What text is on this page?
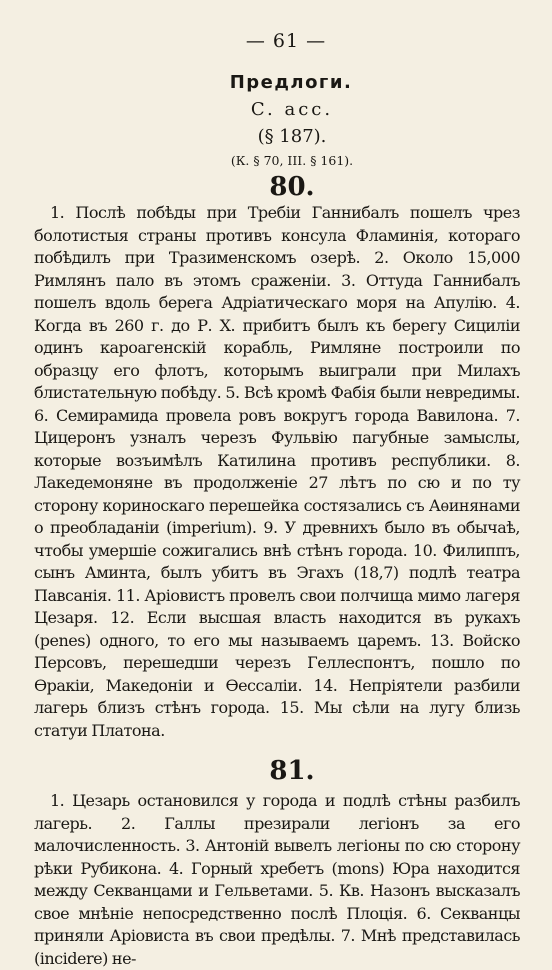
— 61 —
Предлоги.
C. acc.
(§ 187).
(К. § 70, III. § 161).
80.

1. Послѣ побѣды при Требіи Ганнибалъ пошелъ чрез болотистыя страны противъ консула Фламинія, котораго побѣдилъ при Тразименскомъ озерѣ. 2. Около 15,000 Римлянъ пало въ этомъ сраженіи. 3. Оттуда Ганнибалъ пошелъ вдоль берега Адріатическаго моря на Апулію. 4. Когда въ 260 г. до Р. Х. прибитъ былъ къ берегу Сициліи одинъ кароагенскій корабль, Римляне построили по образцу его флотъ, которымъ выиграли при Милахъ блистательную побѣду. 5. Всѣ кромѣ Фабія были невредимы. 6. Семирамида провела ровъ вокругъ города Вавилона. 7. Цицеронъ узналъ черезъ Фульвію пагубные замыслы, которые возъимѣлъ Катилина противъ республики. 8. Лакедемоняне въ продолженіе 27 лѣтъ по сю и по ту сторону кориноскаго перешейка состязались съ Аѳинянами о преобладаніи (imperium). 9. У древнихъ было въ обычаѣ, чтобы умершіе сожигались внѣ стѣнъ города. 10. Филиппъ, сынъ Аминта, былъ убитъ въ Эгахъ (18,7) подлѣ театра Павсанія. 11. Аріовистъ провелъ свои полчища мимо лагеря Цезаря. 12. Если высшая власть находится въ рукахъ (penes) одного, то его мы называемъ царемъ. 13. Войско Персовъ, перешедши черезъ Геллеспонтъ, пошло по Ѳракіи, Македоніи и Ѳессаліи. 14. Непріятели разбили лагерь близъ стѣнъ города. 15. Мы сѣли на лугу близь статуи Платона.

81.

1. Цезарь остановился у города и подлѣ стѣны разбилъ лагерь. 2. Галлы презирали легіонъ за его малочисленность. 3. Антоній вывелъ легіоны по сю сторону рѣки Рубикона. 4. Горный хребетъ (mons) Юра находится между Секванцами и Гельветами. 5. Кв. Назонъ высказалъ свое мнѣніе непосредственно послѣ Плоція. 6. Секванцы приняли Аріовиста въ свои предѣлы. 7. Мнѣ представилась (incidere) не-
